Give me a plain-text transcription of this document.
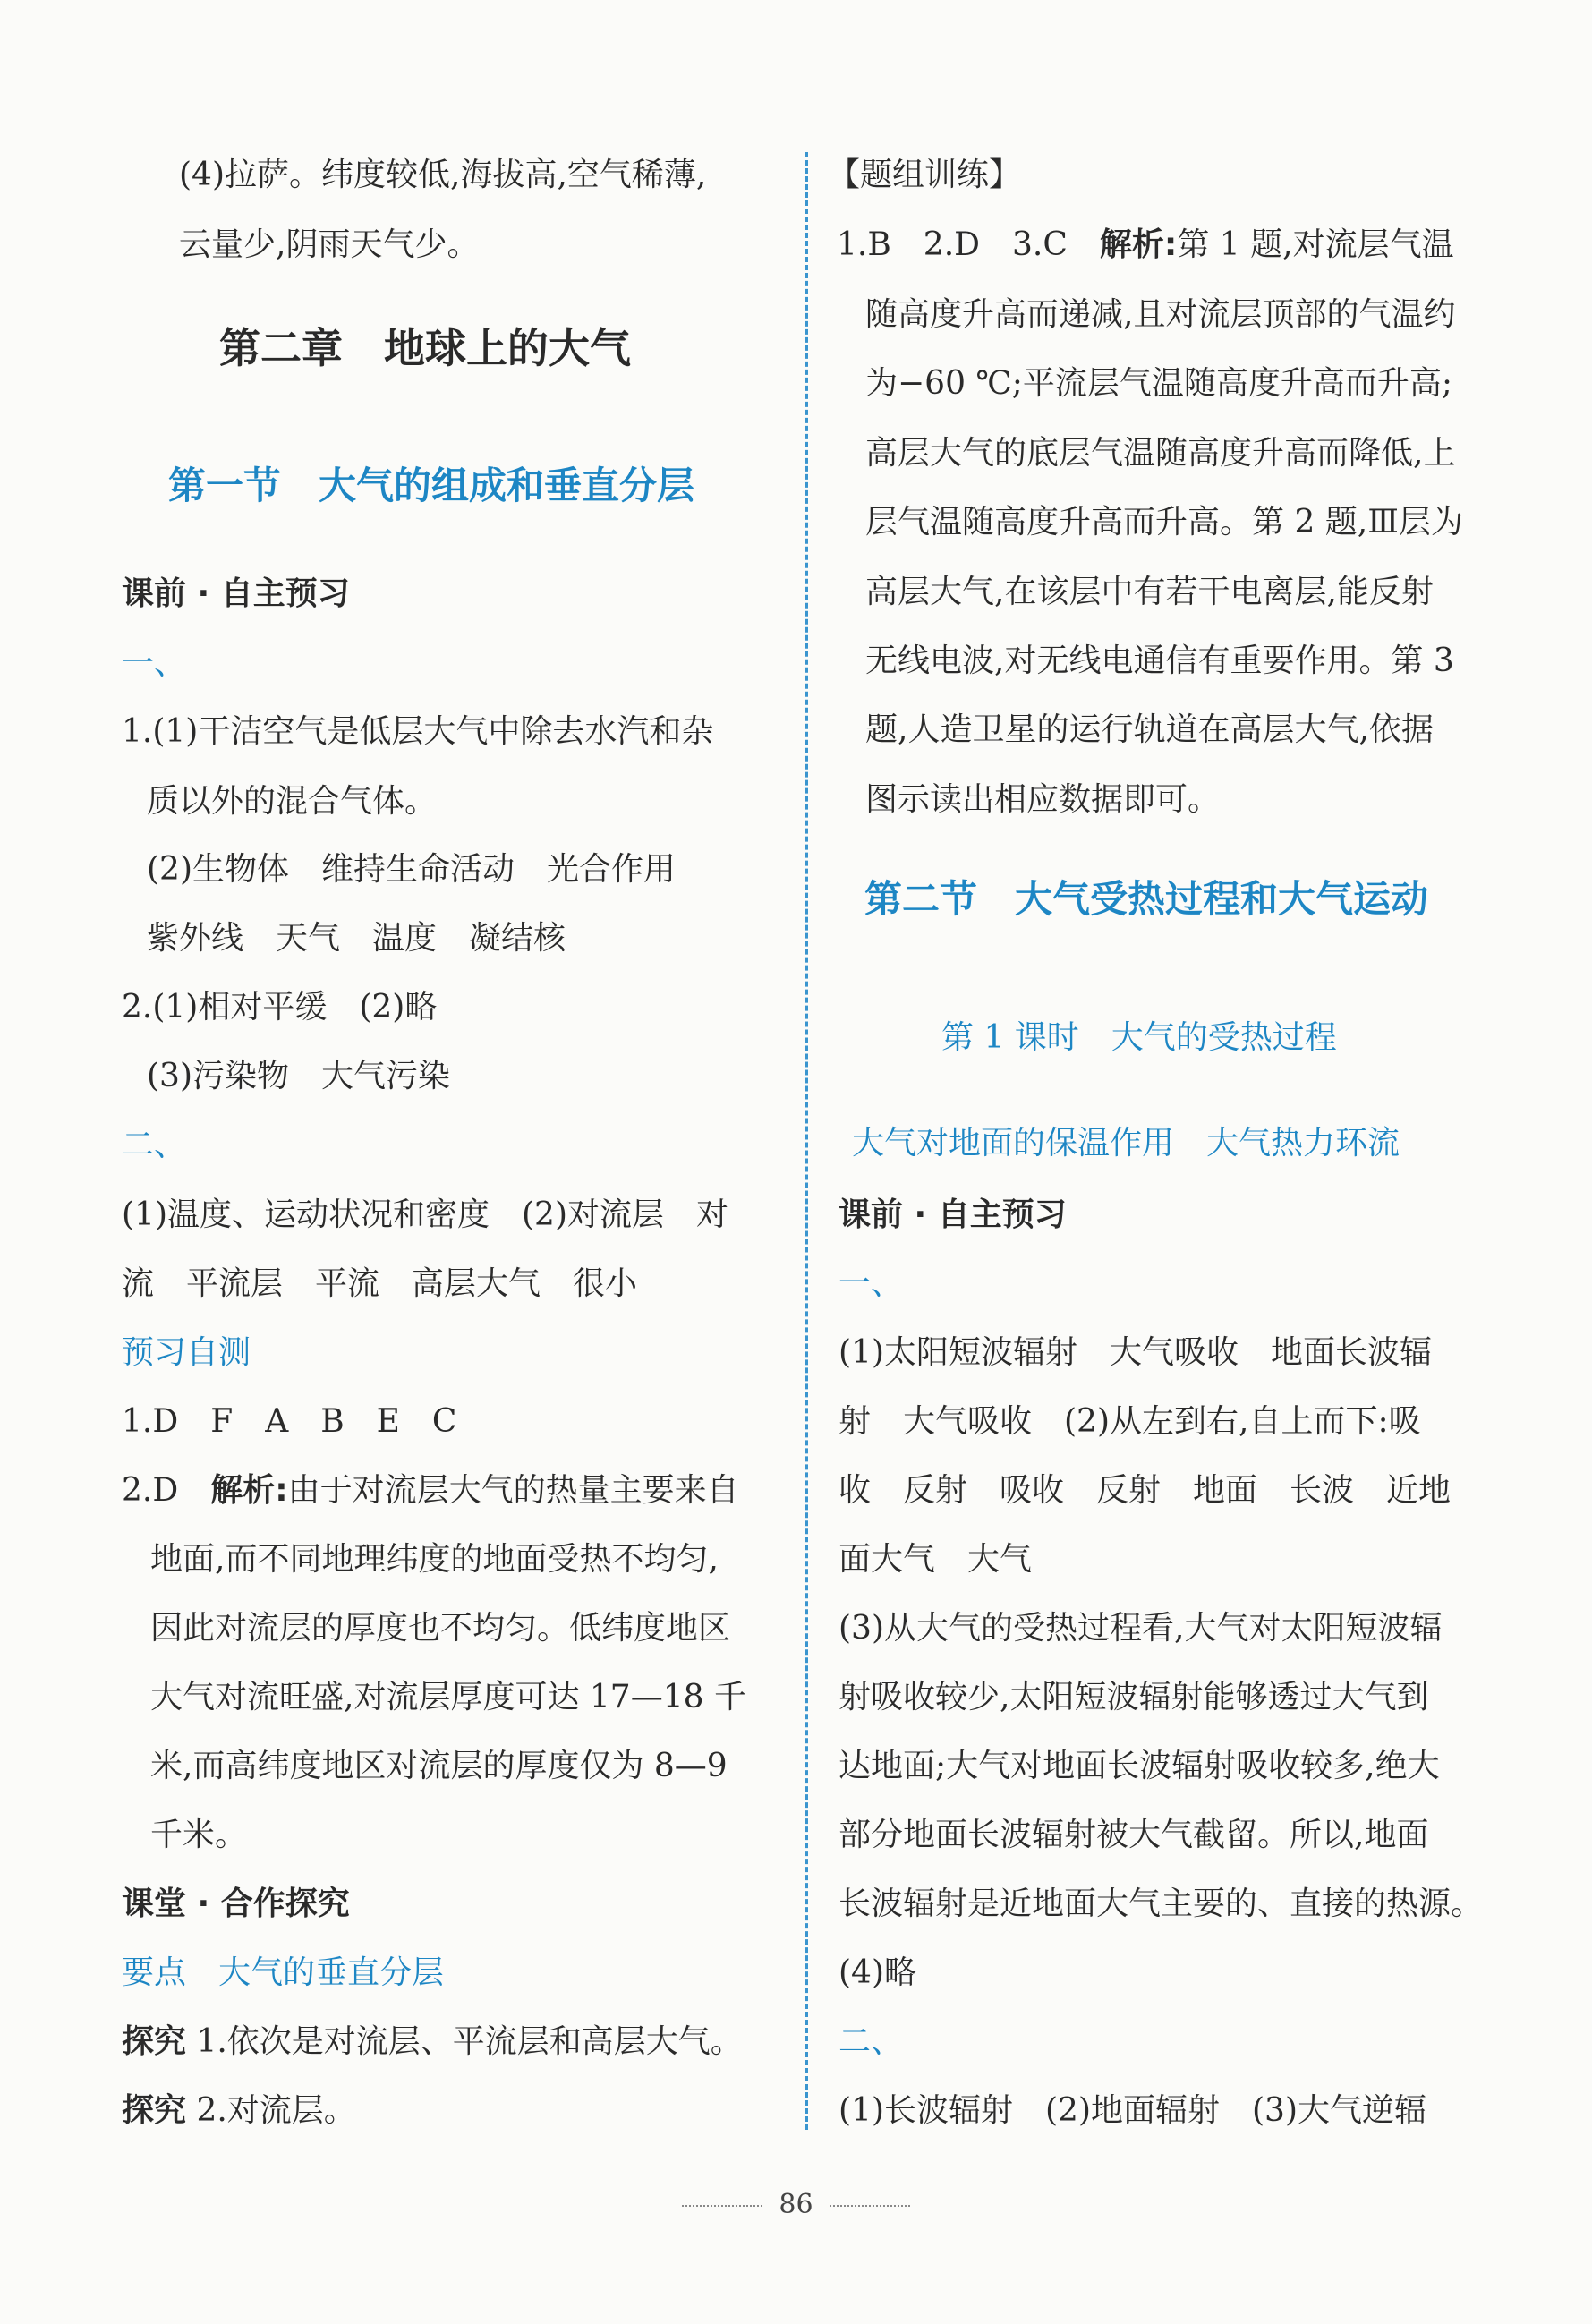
(4)拉萨。纬度较低,海拔高,空气稀薄,
云量少,阴雨天气少。
第二章　地球上的大气
第一节　大气的组成和垂直分层
课前 · 自主预习
一、
1.(1)干洁空气是低层大气中除去水汽和杂
质以外的混合气体。
(2)生物体　维持生命活动　光合作用
紫外线　天气　温度　凝结核
2.(1)相对平缓　(2)略
(3)污染物　大气污染
二、
(1)温度、运动状况和密度　(2)对流层　对
流　平流层　平流　高层大气　很小
预习自测
1.D　F　A　B　E　C
2.D　解析:由于对流层大气的热量主要来自
地面,而不同地理纬度的地面受热不均匀,
因此对流层的厚度也不均匀。低纬度地区
大气对流旺盛,对流层厚度可达 17—18 千
米,而高纬度地区对流层的厚度仅为 8—9
千米。
课堂 · 合作探究
要点　大气的垂直分层
探究 1.依次是对流层、平流层和高层大气。
探究 2.对流层。
【题组训练】
1.B　2.D　3.C　解析:第 1 题,对流层气温
随高度升高而递减,且对流层顶部的气温约
为−60 ℃;平流层气温随高度升高而升高;
高层大气的底层气温随高度升高而降低,上
层气温随高度升高而升高。第 2 题,Ⅲ层为
高层大气,在该层中有若干电离层,能反射
无线电波,对无线电通信有重要作用。第 3
题,人造卫星的运行轨道在高层大气,依据
图示读出相应数据即可。
第二节　大气受热过程和大气运动
第 1 课时　大气的受热过程
大气对地面的保温作用　大气热力环流
课前 · 自主预习
一、
(1)太阳短波辐射　大气吸收　地面长波辐
射　大气吸收　(2)从左到右,自上而下:吸
收　反射　吸收　反射　地面　长波　近地
面大气　大气
(3)从大气的受热过程看,大气对太阳短波辐
射吸收较少,太阳短波辐射能够透过大气到
达地面;大气对地面长波辐射吸收较多,绝大
部分地面长波辐射被大气截留。所以,地面
长波辐射是近地面大气主要的、直接的热源。
(4)略
二、
(1)长波辐射　(2)地面辐射　(3)大气逆辐
86
